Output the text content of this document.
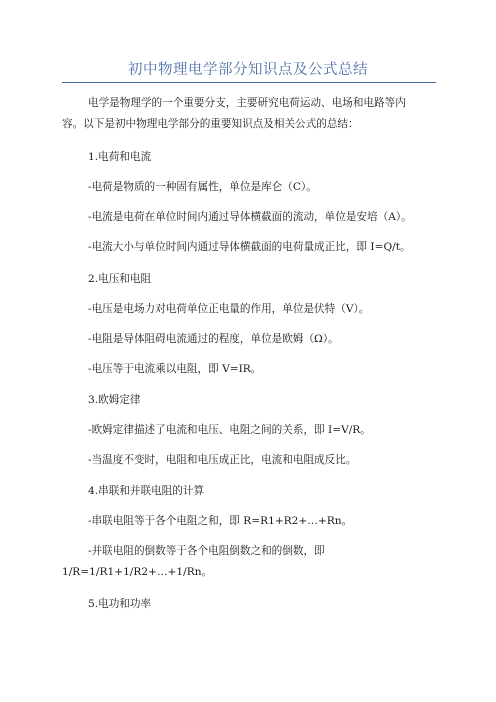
初中物理电学部分知识点及公式总结
电学是物理学的一个重要分支，主要研究电荷运动、电场和电路等内
容。以下是初中物理电学部分的重要知识点及相关公式的总结：
1.电荷和电流
-电荷是物质的一种固有属性，单位是库仑（C）。
-电流是电荷在单位时间内通过导体横截面的流动，单位是安培（A）。
-电流大小与单位时间内通过导体横截面的电荷量成正比，即 I=Q/t。
2.电压和电阻
-电压是电场力对电荷单位正电量的作用，单位是伏特（V）。
-电阻是导体阻碍电流通过的程度，单位是欧姆（Ω）。
-电压等于电流乘以电阻，即 V=IR。
3.欧姆定律
-欧姆定律描述了电流和电压、电阻之间的关系，即 I=V/R。
-当温度不变时，电阻和电压成正比，电流和电阻成反比。
4.串联和并联电阻的计算
-串联电阻等于各个电阻之和，即 R=R1+R2+…+Rn。
-并联电阻的倒数等于各个电阻倒数之和的倒数，即
1/R=1/R1+1/R2+…+1/Rn。
5.电功和功率
